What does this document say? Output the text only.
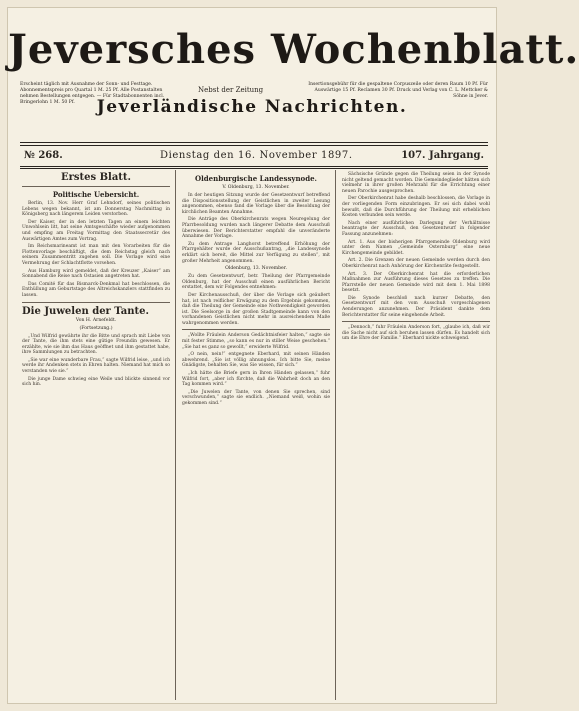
Jeversches Wochenblatt.
Erscheint täglich mit Ausnahme der Sonn- und Festtage. Abonnementspreis pro Quartal 1 M. 25 Pf. Alle Postanstalten nehmen Bestellungen entgegen. — Für Stadtabonnenten incl. Bringerlohn 1 M. 50 Pf.
Nebst der Zeitung
Insertionsgebühr für die gespaltene Corpuszeile oder deren Raum 10 Pf. Für Auswärtige 15 Pf. Reclamen 30 Pf. Druck und Verlag von C. L. Mettcker & Söhne in Jever.
Jeverländische Nachrichten.
№ 268.	Dienstag den 16. November 1897.	107. Jahrgang.
Erstes Blatt.
Politische Uebersicht.

Berlin, 13. Nov. Herr Graf Lehndorf, seines politischen Lebens wegen bekannt, ist am Donnerstag Nachmittag in Königsberg nach längerem Leiden verstorben.

Der Kaiser, der in den letzten Tagen an einem leichten Unwohlsein litt, hat seine Amtsgeschäfte wieder aufgenommen und empfing am Freitag Vormittag den Staatssecretär des Auswärtigen Amtes zum Vortrag.

Im Reichsmarineamt ist man mit den Vorarbeiten für die Flottenvorlage beschäftigt, die dem Reichstag gleich nach seinem Zusammentritt zugehen soll. Die Vorlage wird eine Vermehrung der Schlachtflotte vorsehen.

Aus Hamburg wird gemeldet, daß der Kreuzer „Kaiser“ am Sonnabend die Reise nach Ostasien angetreten hat.

Das Comité für das Bismarck-Denkmal hat beschlossen, die Enthüllung am Geburtstage des Altreichskanzlers stattfinden zu lassen.

Die Juwelen der Tante.
Von H. Arnefeldt.
(Fortsetzung.)

„Und Wilfrid gewährte ihr die Bitte und sprach mit Liebe von der Tante, die ihm stets eine gütige Freundin gewesen. Er erzählte, wie sie ihm das Haus geöffnet und ihm gestattet habe, ihre Sammlungen zu betrachten.

„Sie war eine wunderbare Frau,“ sagte Wilfrid leise, „und ich werde ihr Andenken stets in Ehren halten. Niemand hat mich so verstanden wie sie.“

Die junge Dame schwieg eine Weile und blickte sinnend vor sich hin.

Oldenburgische Landessynode.
V. Oldenburg, 13. November.

In der heutigen Sitzung wurde der Gesetzentwurf betreffend die Dispositionsstellung der Geistlichen in zweiter Lesung angenommen, ebenso fand die Vorlage über die Besoldung der kirchlichen Beamten Annahme.

Die Anträge des Oberkirchenrats wegen Neuregelung der Pfarrbesoldung wurden nach längerer Debatte dem Ausschuß überwiesen. Der Berichterstatter empfahl die unveränderte Annahme der Vorlage.

Zu dem Antrage Langhorst betreffend Erhöhung der Pfarrgehälter wurde der Ausschußantrag, „die Landessynode erklärt sich bereit, die Mittel zur Verfügung zu stellen“, mit großer Mehrheit angenommen.

Oldenburg, 13. November.

Zu dem Gesetzentwurf, betr. Theilung der Pfarrgemeinde Oldenburg, hat der Ausschuß einen ausführlichen Bericht erstattet, dem wir Folgendes entnehmen:

Der Kirchenausschuß, der über die Vorlage sich geäußert hat, ist nach reiflicher Erwägung zu dem Ergebnis gekommen, daß die Theilung der Gemeinde eine Nothwendigkeit geworden ist. Die Seelsorge in der großen Stadtgemeinde kann von den vorhandenen Geistlichen nicht mehr in ausreichendem Maße wahrgenommen werden.

„Wollte Fräulein Anderson Gedächtnisfeier halten,“ sagte sie mit fester Stimme, „so kann es nur in stiller Weise geschehen.“ „Sie hat es ganz so gewollt,“ erwiderte Wilfrid.

„O nein, nein!“ entgegnete Eberhard, mit seinen Händen abwehrend. „Sie ist völlig ahnungslos. Ich bitte Sie, meine Gnädigste, behalten Sie, was Sie wissen, für sich.“

„Ich hätte die Briefe gern in Ihren Händen gelassen,“ fuhr Wilfrid fort, „aber ich fürchte, daß die Wahrheit doch an den Tag kommen wird.“

„Die Juwelen der Tante, von denen Sie sprechen, sind verschwunden,“ sagte sie endlich. „Niemand weiß, wohin sie gekommen sind.“

Sächsische Gründe gegen die Theilung seien in der Synode nicht geltend gemacht worden. Die Gemeindeglieder hätten sich vielmehr in ihrer großen Mehrzahl für die Errichtung einer neuen Parochie ausgesprochen.

Der Oberkirchenrat habe deshalb beschlossen, die Vorlage in der vorliegenden Form einzubringen. Er sei sich dabei wohl bewußt, daß die Durchführung der Theilung mit erheblichen Kosten verbunden sein werde.

Nach einer ausführlichen Darlegung der Verhältnisse beantragte der Ausschuß, den Gesetzentwurf in folgender Fassung anzunehmen:

Art. 1. Aus der bisherigen Pfarrgemeinde Oldenburg wird unter dem Namen „Gemeinde Osternburg“ eine neue Kirchengemeinde gebildet.

Art. 2. Die Grenzen der neuen Gemeinde werden durch den Oberkirchenrat nach Anhörung der Kirchenräte festgestellt.

Art. 3. Der Oberkirchenrat hat die erforderlichen Maßnahmen zur Ausführung dieses Gesetzes zu treffen. Die Pfarrstelle der neuen Gemeinde wird mit dem 1. Mai 1898 besetzt.

Die Synode beschloß nach kurzer Debatte, den Gesetzentwurf mit den vom Ausschuß vorgeschlagenen Aenderungen anzunehmen. Der Präsident dankte dem Berichterstatter für seine eingehende Arbeit.

„Dennoch,“ fuhr Fräulein Anderson fort, „glaube ich, daß wir die Sache nicht auf sich beruhen lassen dürfen. Es handelt sich um die Ehre der Familie.“ Eberhard nickte schweigend.
